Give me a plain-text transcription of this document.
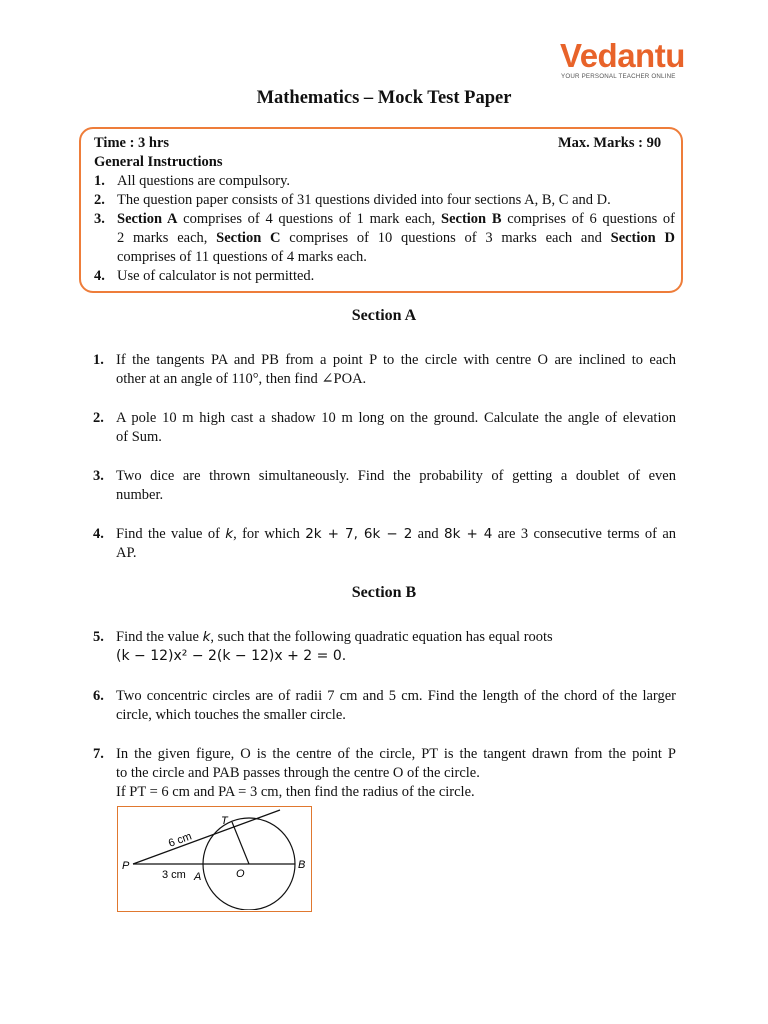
Vedantu
YOUR PERSONAL TEACHER ONLINE
Mathematics – Mock Test Paper
Time : 3 hrs	Max. Marks : 90
General Instructions
1. All questions are compulsory.
2. The question paper consists of 31 questions divided into four sections A, B, C and D.
3. Section A comprises of 4 questions of 1 mark each, Section B comprises of 6 questions of
2 marks each, Section C comprises of 10 questions of 3 marks each and Section D
comprises of 11 questions of 4 marks each.
4. Use of calculator is not permitted.
Section A
1. If the tangents PA and PB from a point P to the circle with centre O are inclined to each
other at an angle of 110°, then find ∠POA.
2. A pole 10 m high cast a shadow 10 m long on the ground. Calculate the angle of elevation
of Sum.
3. Two dice are thrown simultaneously. Find the probability of getting a doublet of even
number.
4. Find the value of k, for which 2k + 7, 6k − 2 and 8k + 4 are 3 consecutive terms of an
AP.
Section B
5. Find the value k, such that the following quadratic equation has equal roots
(k − 12)x² − 2(k − 12)x + 2 = 0.
6. Two concentric circles are of radii 7 cm and 5 cm. Find the length of the chord of the larger
circle, which touches the smaller circle.
7. In the given figure, O is the centre of the circle, PT is the tangent drawn from the point P
to the circle and PAB passes through the centre O of the circle.
If PT = 6 cm and PA = 3 cm, then find the radius of the circle.
P
A	O
B
T
6 cm
3 cm
